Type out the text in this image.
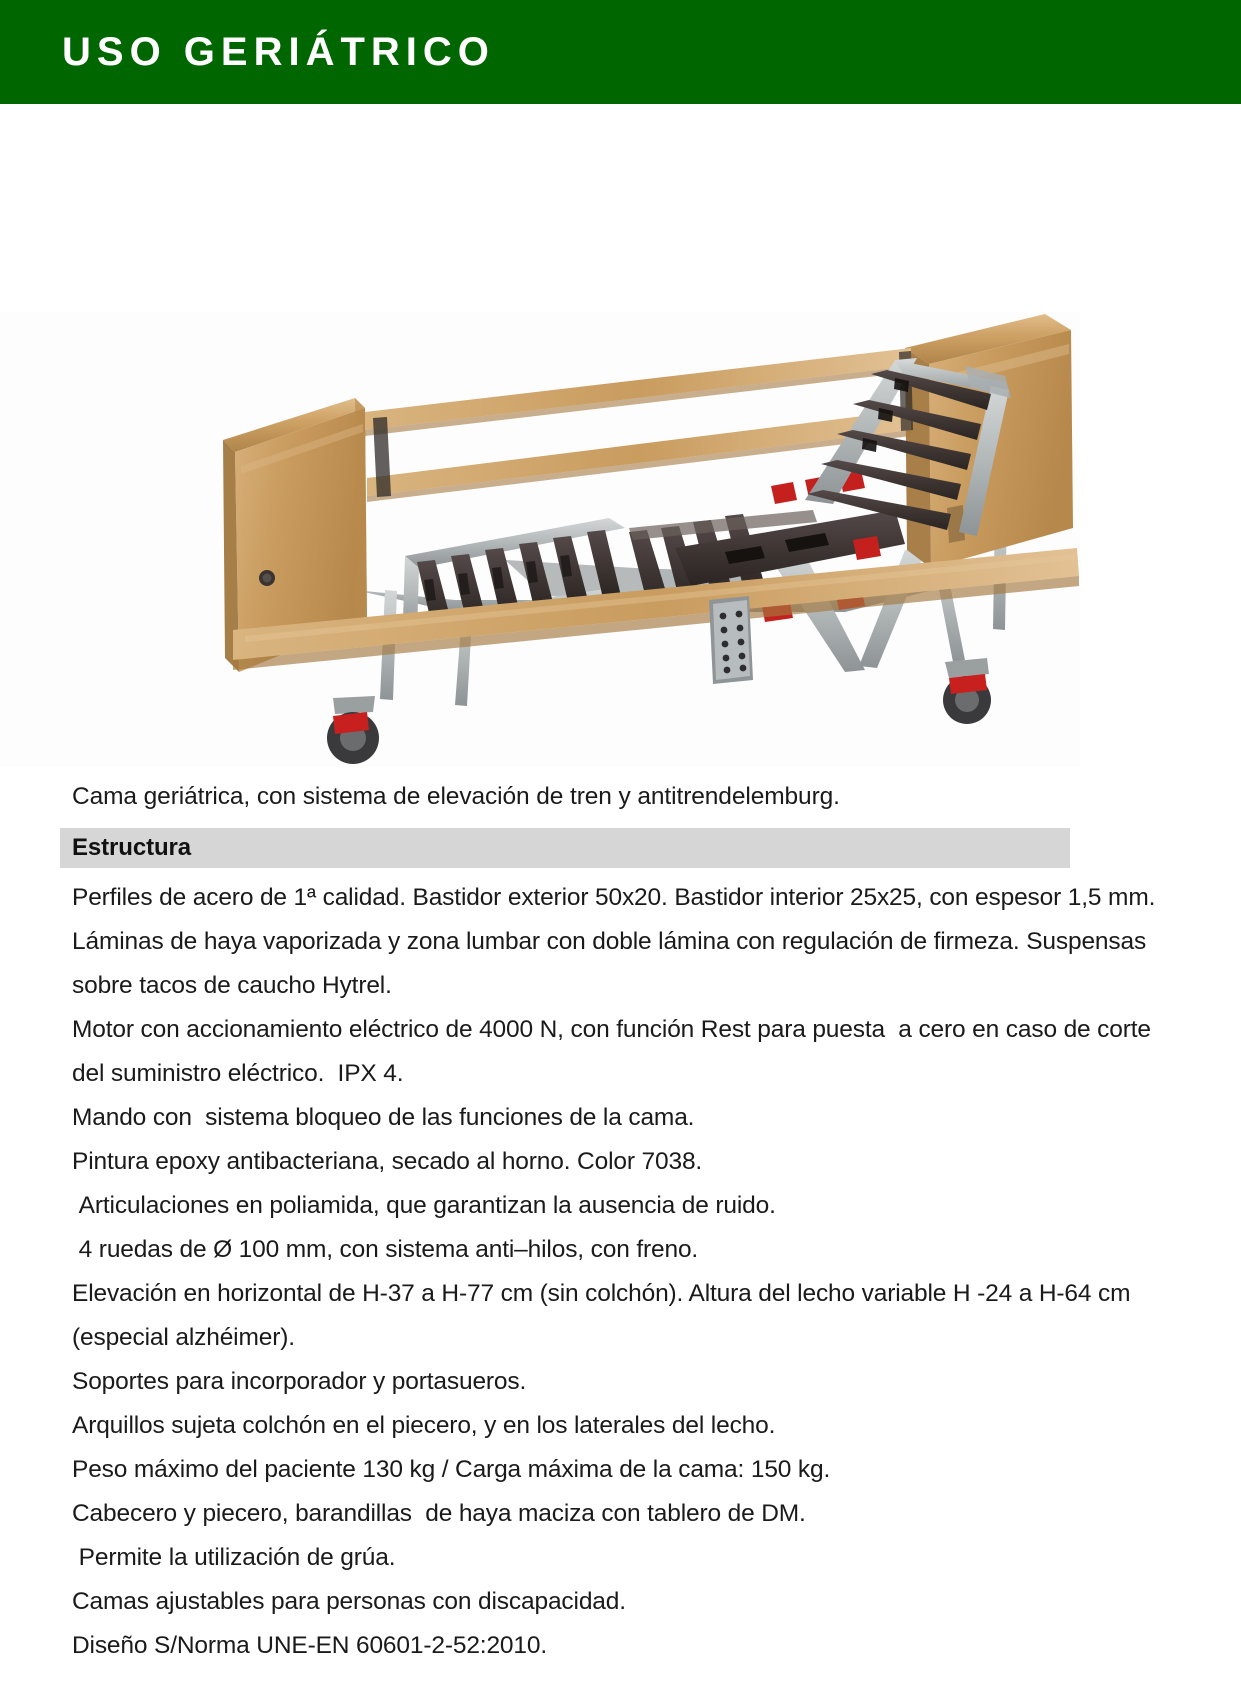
USO GERIÁTRICO

Cama geriátrica, con sistema de elevación de tren y antitrendelemburg.

Estructura
Perfiles de acero de 1ª calidad. Bastidor exterior 50x20. Bastidor interior 25x25, con espesor 1,5 mm.
Láminas de haya vaporizada y zona lumbar con doble lámina con regulación de firmeza. Suspensas sobre tacos de caucho Hytrel.
Motor con accionamiento eléctrico de 4000 N, con función Rest para puesta  a cero en caso de corte del suministro eléctrico.  IPX 4.
Mando con  sistema bloqueo de las funciones de la cama.
Pintura epoxy antibacteriana, secado al horno. Color 7038.
Articulaciones en poliamida, que garantizan la ausencia de ruido.
4 ruedas de Ø 100 mm, con sistema anti–hilos, con freno.
Elevación en horizontal de H-37 a H-77 cm (sin colchón). Altura del lecho variable H -24 a H-64 cm (especial alzhéimer).
Soportes para incorporador y portasueros.
Arquillos sujeta colchón en el piecero, y en los laterales del lecho.
Peso máximo del paciente 130 kg / Carga máxima de la cama: 150 kg.
Cabecero y piecero, barandillas  de haya maciza con tablero de DM.
Permite la utilización de grúa.
Camas ajustables para personas con discapacidad.
Diseño S/Norma UNE-EN 60601-2-52:2010.
